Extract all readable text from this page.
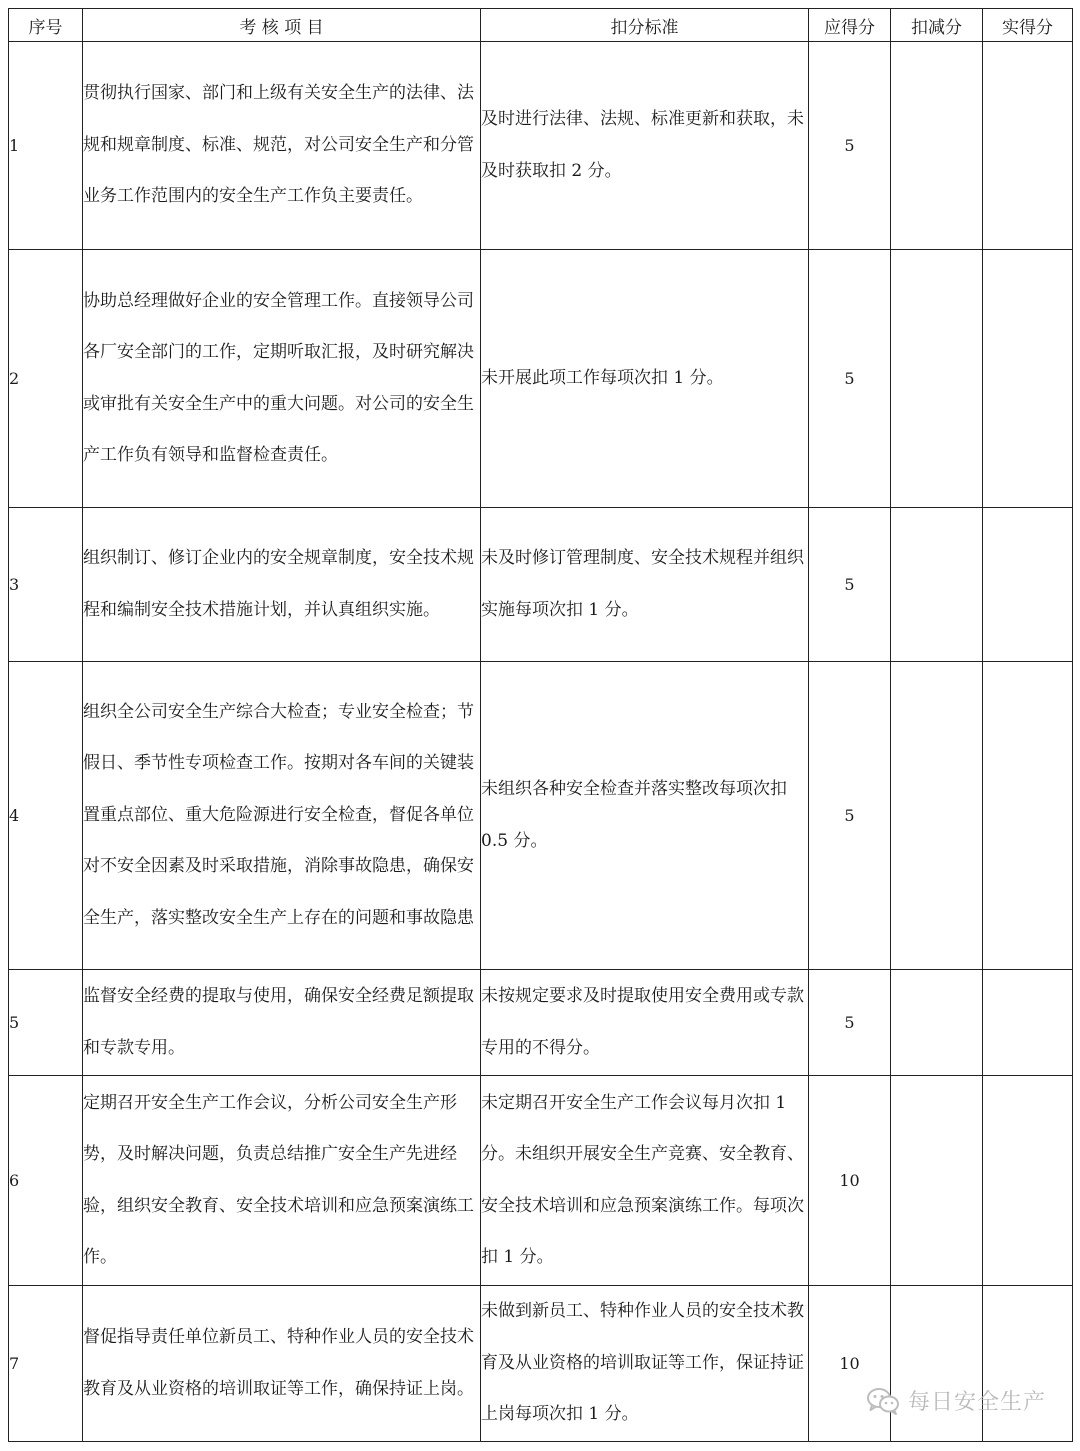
序号	考 核 项 目	扣分标准	应得分	扣减分	实得分
1	贯彻执行国家、部门和上级有关安全生产的法律、法规和规章制度、标准、规范，对公司安全生产和分管业务工作范围内的安全生产工作负主要责任。	及时进行法律、法规、标准更新和获取，未及时获取扣 2 分。	5		
2	协助总经理做好企业的安全管理工作。直接领导公司各厂安全部门的工作，定期听取汇报，及时研究解决或审批有关安全生产中的重大问题。对公司的安全生产工作负有领导和监督检查责任。	未开展此项工作每项次扣 1 分。	5		
3	组织制订、修订企业内的安全规章制度，安全技术规程和编制安全技术措施计划，并认真组织实施。	未及时修订管理制度、安全技术规程并组织实施每项次扣 1 分。	5		
4	组织全公司安全生产综合大检查；专业安全检查；节假日、季节性专项检查工作。按期对各车间的关键装置重点部位、重大危险源进行安全检查，督促各单位对不安全因素及时采取措施，消除事故隐患，确保安全生产，落实整改安全生产上存在的问题和事故隐患	未组织各种安全检查并落实整改每项次扣 0.5 分。	5		
5	监督安全经费的提取与使用，确保安全经费足额提取和专款专用。	未按规定要求及时提取使用安全费用或专款专用的不得分。	5		
6	定期召开安全生产工作会议，分析公司安全生产形势，及时解决问题，负责总结推广安全生产先进经验，组织安全教育、安全技术培训和应急预案演练工作。	未定期召开安全生产工作会议每月次扣 1 分。未组织开展安全生产竞赛、安全教育、安全技术培训和应急预案演练工作。每项次扣 1 分。	10		
7	督促指导责任单位新员工、特种作业人员的安全技术教育及从业资格的培训取证等工作，确保持证上岗。	未做到新员工、特种作业人员的安全技术教育及从业资格的培训取证等工作，保证持证上岗每项次扣 1 分。	10		
每日安全生产
